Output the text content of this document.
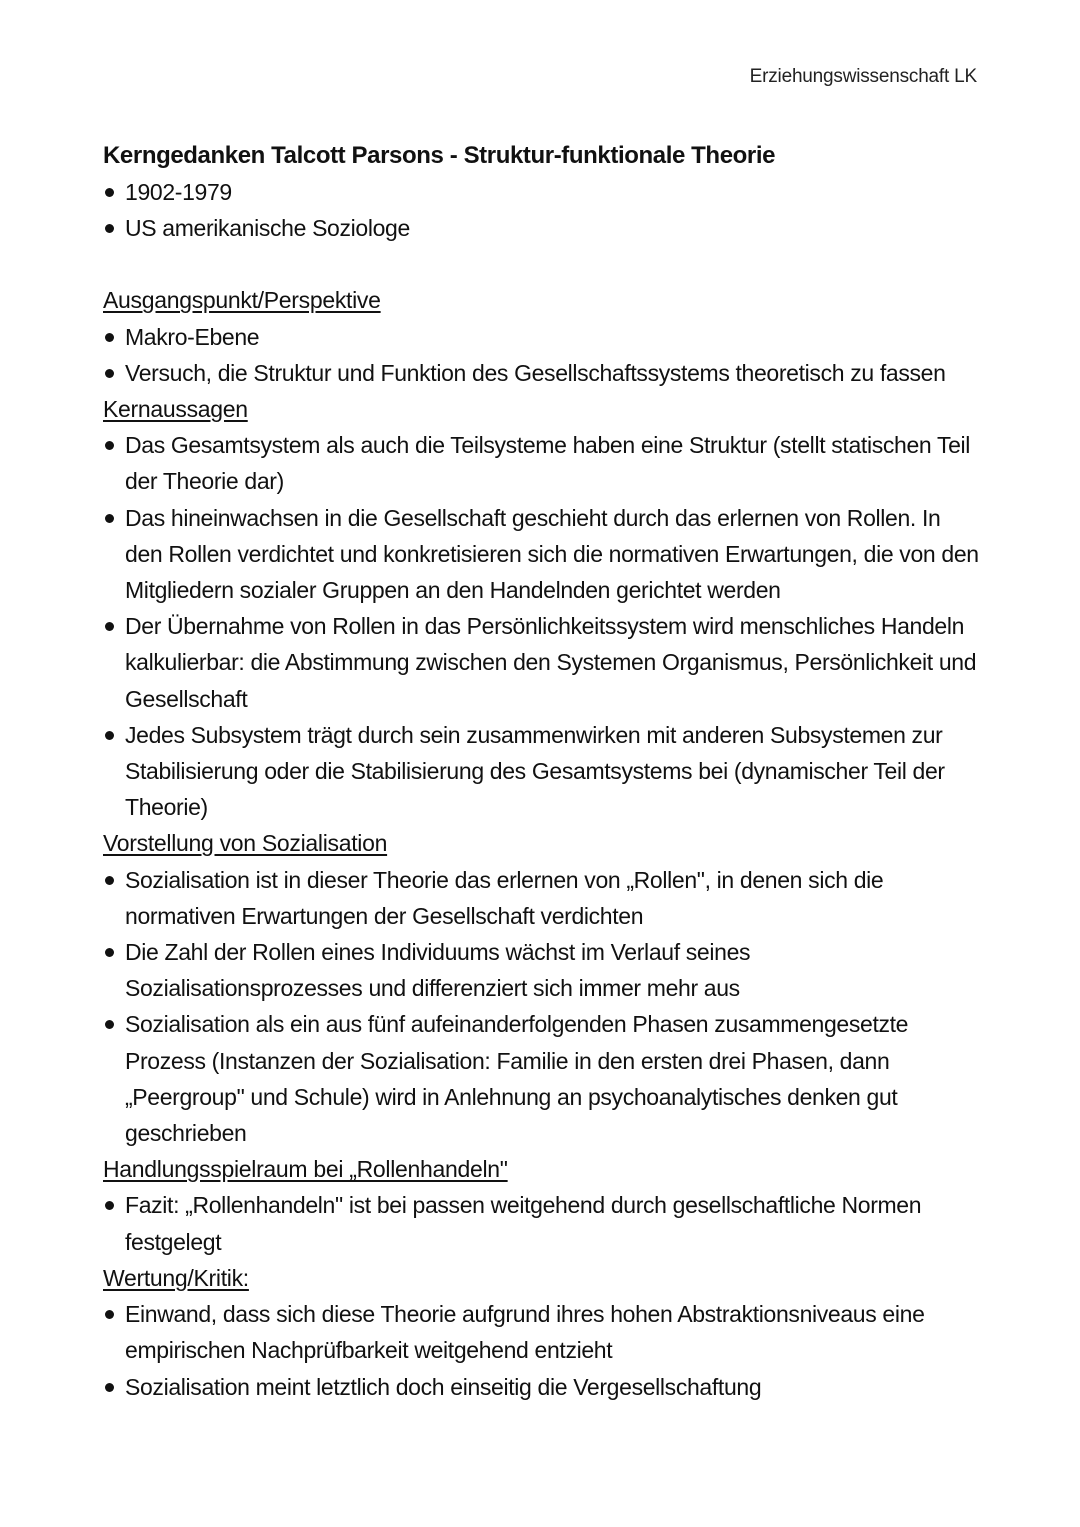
Erziehungswissenschaft LK
Kerngedanken Talcott Parsons - Struktur-funktionale Theorie
1902-1979
US amerikanische Soziologe
Ausgangspunkt/Perspektive
Makro-Ebene
Versuch, die Struktur und Funktion des Gesellschaftssystems theoretisch zu fassen
Kernaussagen
Das Gesamtsystem als auch die Teilsysteme haben eine Struktur (stellt statischen Teil der Theorie dar)
Das hineinwachsen in die Gesellschaft geschieht durch das erlernen von Rollen. In den Rollen verdichtet und konkretisieren sich die normativen Erwartungen, die von den Mitgliedern sozialer Gruppen an den Handelnden gerichtet werden
Der Übernahme von Rollen in das Persönlichkeitssystem wird menschliches Handeln kalkulierbar: die Abstimmung zwischen den Systemen Organismus, Persönlichkeit und Gesellschaft
Jedes Subsystem trägt durch sein zusammenwirken mit anderen Subsystemen zur Stabilisierung oder die Stabilisierung des Gesamtsystems bei (dynamischer Teil der Theorie)
Vorstellung von Sozialisation
Sozialisation ist in dieser Theorie das erlernen von „Rollen", in denen sich die normativen Erwartungen der Gesellschaft verdichten
Die Zahl der Rollen eines Individuums wächst im Verlauf seines Sozialisationsprozesses und differenziert sich immer mehr aus
Sozialisation als ein aus fünf aufeinanderfolgenden Phasen zusammengesetzte Prozess (Instanzen der Sozialisation: Familie in den ersten drei Phasen, dann „Peergroup" und Schule) wird in Anlehnung an psychoanalytisches denken gut geschrieben
Handlungsspielraum bei „Rollenhandeln"
Fazit: „Rollenhandeln" ist bei passen weitgehend durch gesellschaftliche Normen festgelegt
Wertung/Kritik:
Einwand, dass sich diese Theorie aufgrund ihres hohen Abstraktionsniveaus eine empirischen Nachprüfbarkeit weitgehend entzieht
Sozialisation meint letztlich doch einseitig die Vergesellschaftung
